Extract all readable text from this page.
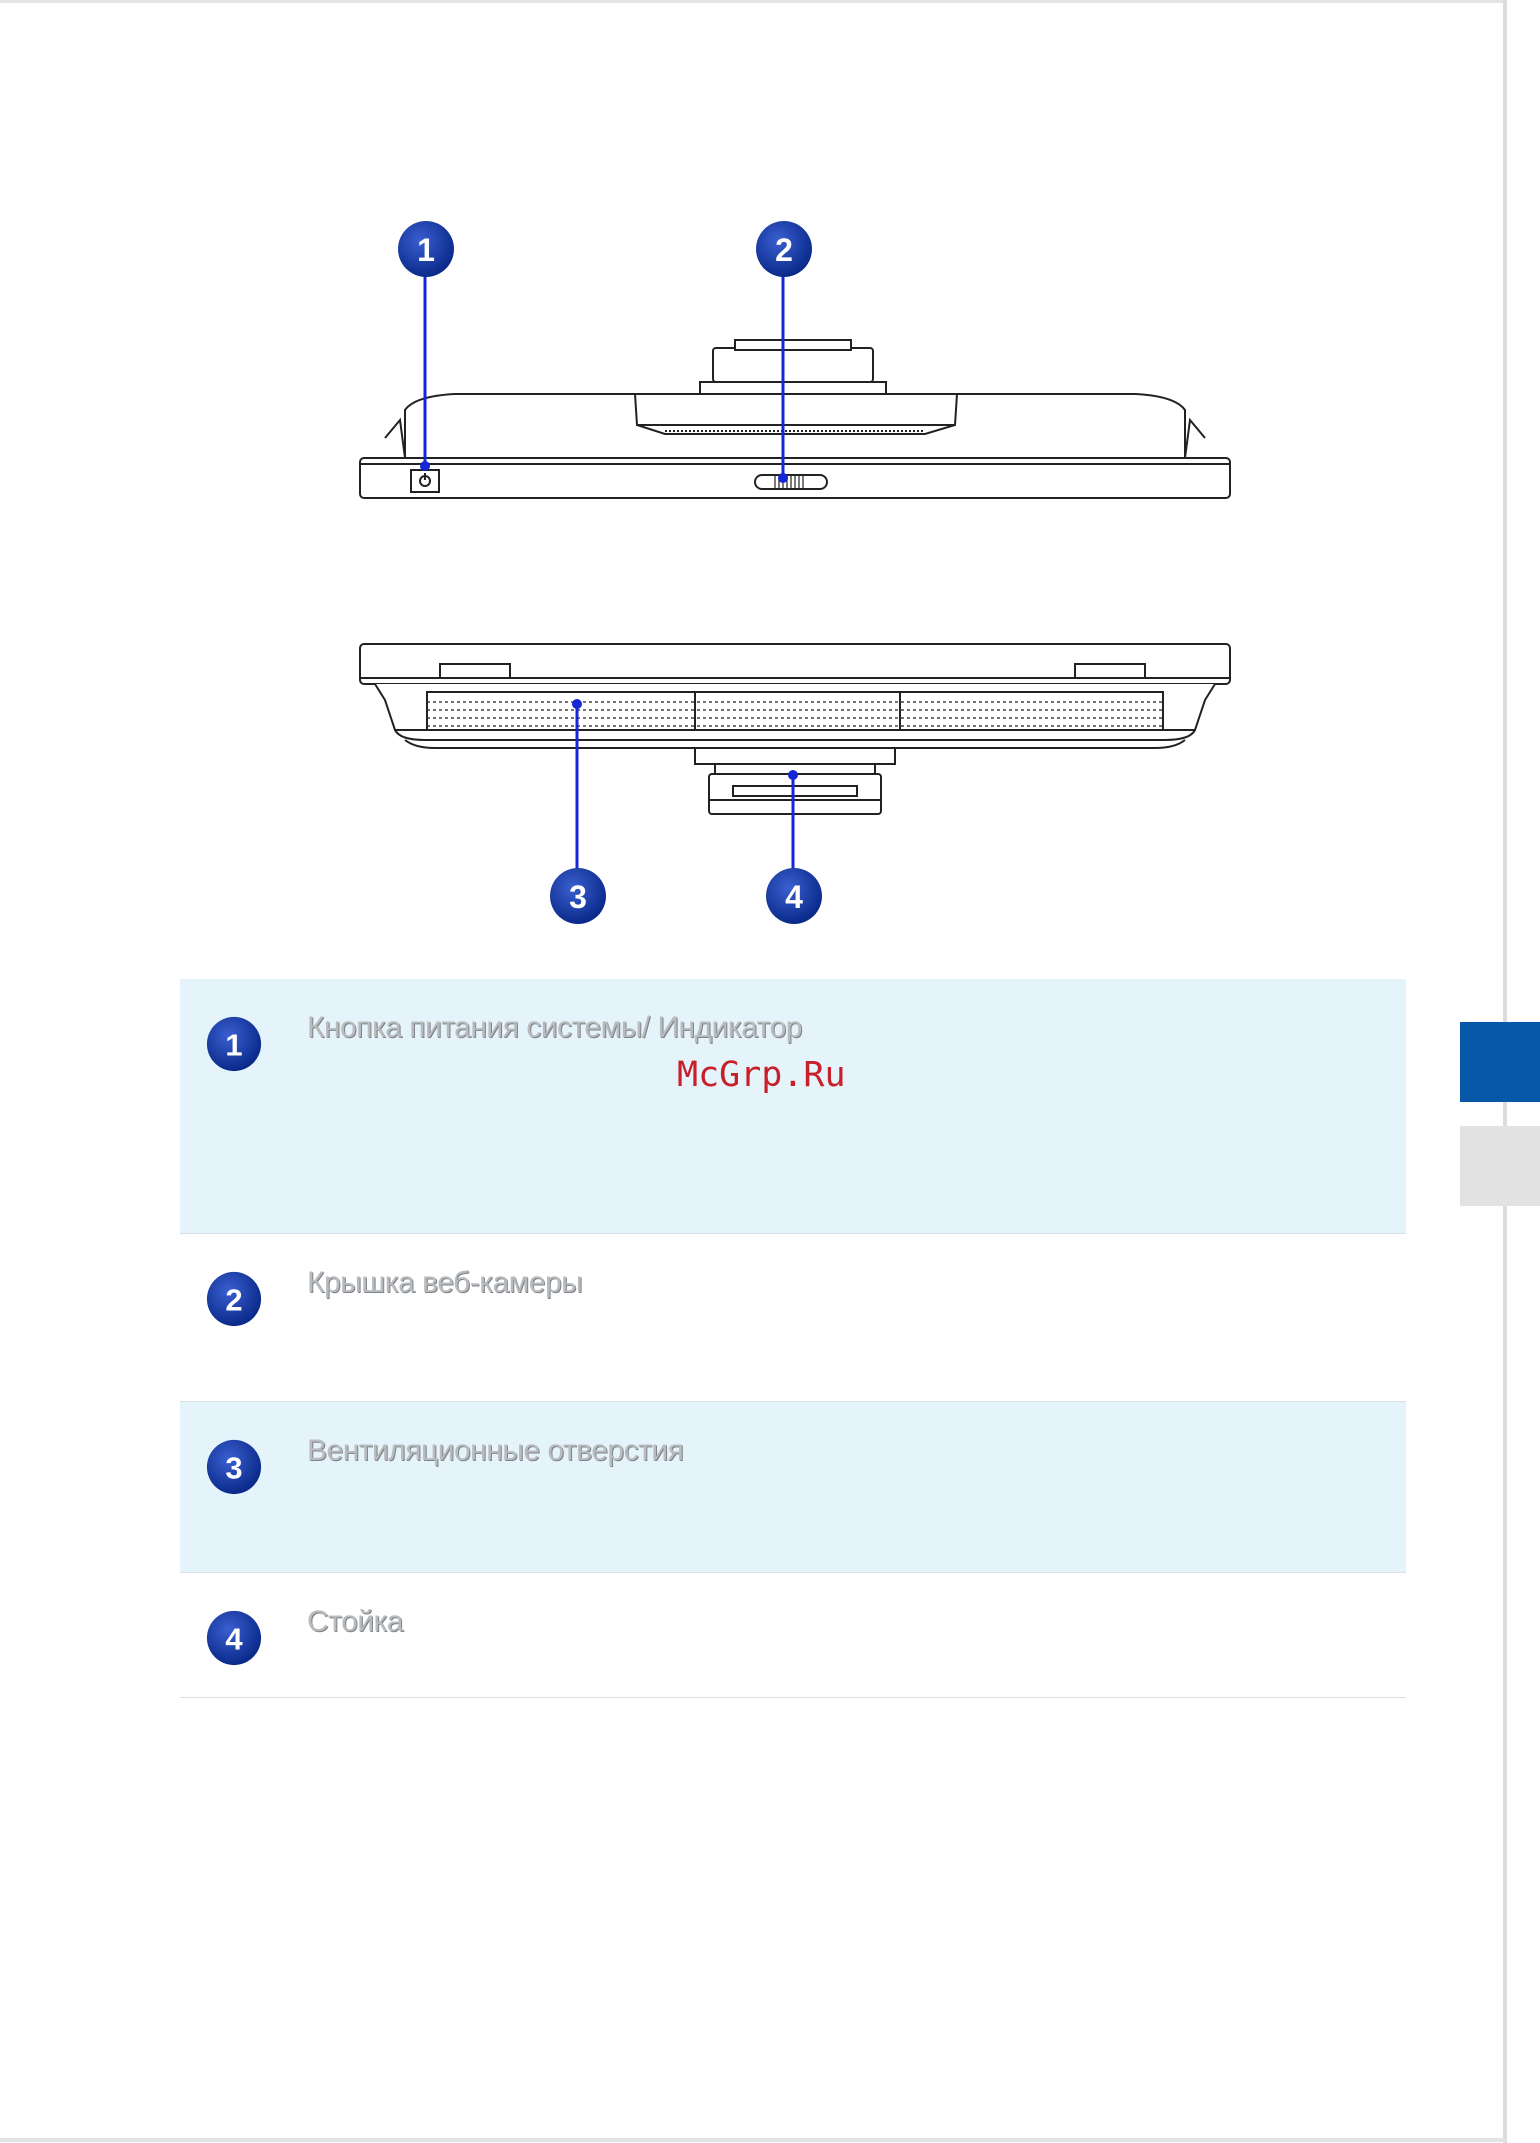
1	2
3	4
1
Кнопка питания системы/ Индикатор
McGrp.Ru
2
Крышка веб-камеры
3
Вентиляционные отверстия
4
Стойка
